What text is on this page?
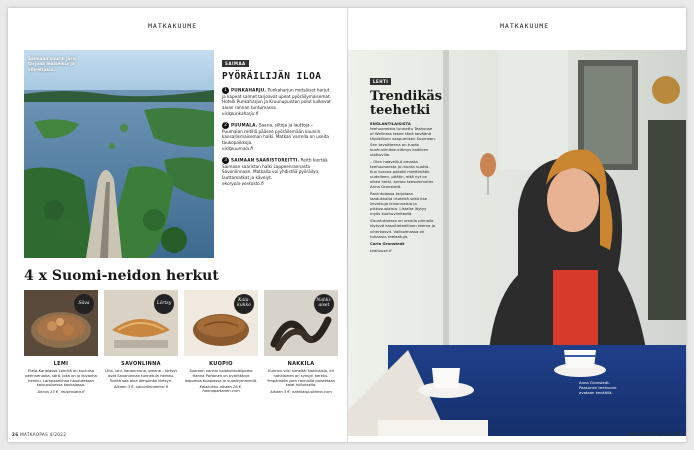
MATKAKUUME
Saimaan suurin järvi tarjoaa maisemia ja vihreitäkin.
SAIMAA
PYÖRÄILIJÄN ILOA
1 PUNKAHARJU. Punkaharjun metsäiset harjut ja kapeat salmet tarjoavat upeat pyöräilymaisemat. Hotelli Punkaharjun ja Kruunupuiston polut kulkevat aivan rannan tuntumassa.
visitpunkaharju.fi
2 PUUMALA. Saaria, siltoja ja lauttoja – Puumalan reitillä pääsee pyöräilemään kauniin kansallismaiseman halki. Matkan varrella on useita taukopaikkoja.
visitpuumala.fi
3 SAIMAAN SAARISTOREITTI. Reitti kiertää Saimaan saariston halki Lappeenrannasta Savonlinnaan. Matkalla voi yhdistää pyöräilyn, lauttamatkat ja kävelyt.
ekoryola-verkosto.fi
4 x Suomi-neidon herkut
Säva
LEMI
Etelä-Karjalassa Lemillä on kuuluisa perinneruoka, särä, joka on jo ikivanha herkku. Lampaanlihaa haudutetaan koivupuisessa kaukalossa.
Annos 13 €, museosara.fi
Lörtsy
SAVONLINNA
Liha, lohi, kananmuna, omena – lörtsyt ovat Savonlinnan tunnetuin herkku. Toriltä saa aina lämpimän lörtsyn.
Alkaen 3 €, savonlinnantori.fi
Kala- kukko
KUOPIO
Suomen vanhin kalakukkoleipomo Hanna Partanen on pyörittänyt leipomoa Kuopiossa jo vuosikymmeniä.
Kalakukko alkaen 26 €, hannapartanen.com
Nahki- aiset
NAKKILA
Kunnon viisi nimeltä: Nahkiaisia, eli nahkiainen on syksyn herkku. Ympäristön joen rannoilla paistetaan kalat hiilloksella.
Alkaen 3 €, nahkiaisjuuttimo.com
26 MATKAOPAS 4/2022
MATKAKUUME
LEHTI
Trendikäs teehetki

ENGLANTILAISISTA teehuoneista tunnettu Teahouse of Wellness tekee tänä keväänä täydellisen saapumisen Suomeen. Sen tavoitteena on tuoda kuohuviinitee-elämys kaikkien ulottuville.

– Olen haaveillut omasta teehuoneesta jo monta vuotta. Kun korona pakotti miettimään uudelleen, päätin, että nyt on oikea hetki, kertoo teesommelier Anna Gronstedt.

Ravintolassa tarjotaan laadukkaita irtoteitä sekä itse leivottuja leivonnaisia ja pikkusuolaisia. Listalta löytyy myös kuohuviiniteetä.

Sisustuksessa on omalla pinnalla löytyvä kasvitieteellinen teema ja viherkasvit. Valikoimassa on tuhansia teelaatuja.

Carla Gronstedt

teahouse.fi

Anna Gronstedt-Paasonen teehuone avataan keväällä.
MATKAOPAS 4/2022 27
